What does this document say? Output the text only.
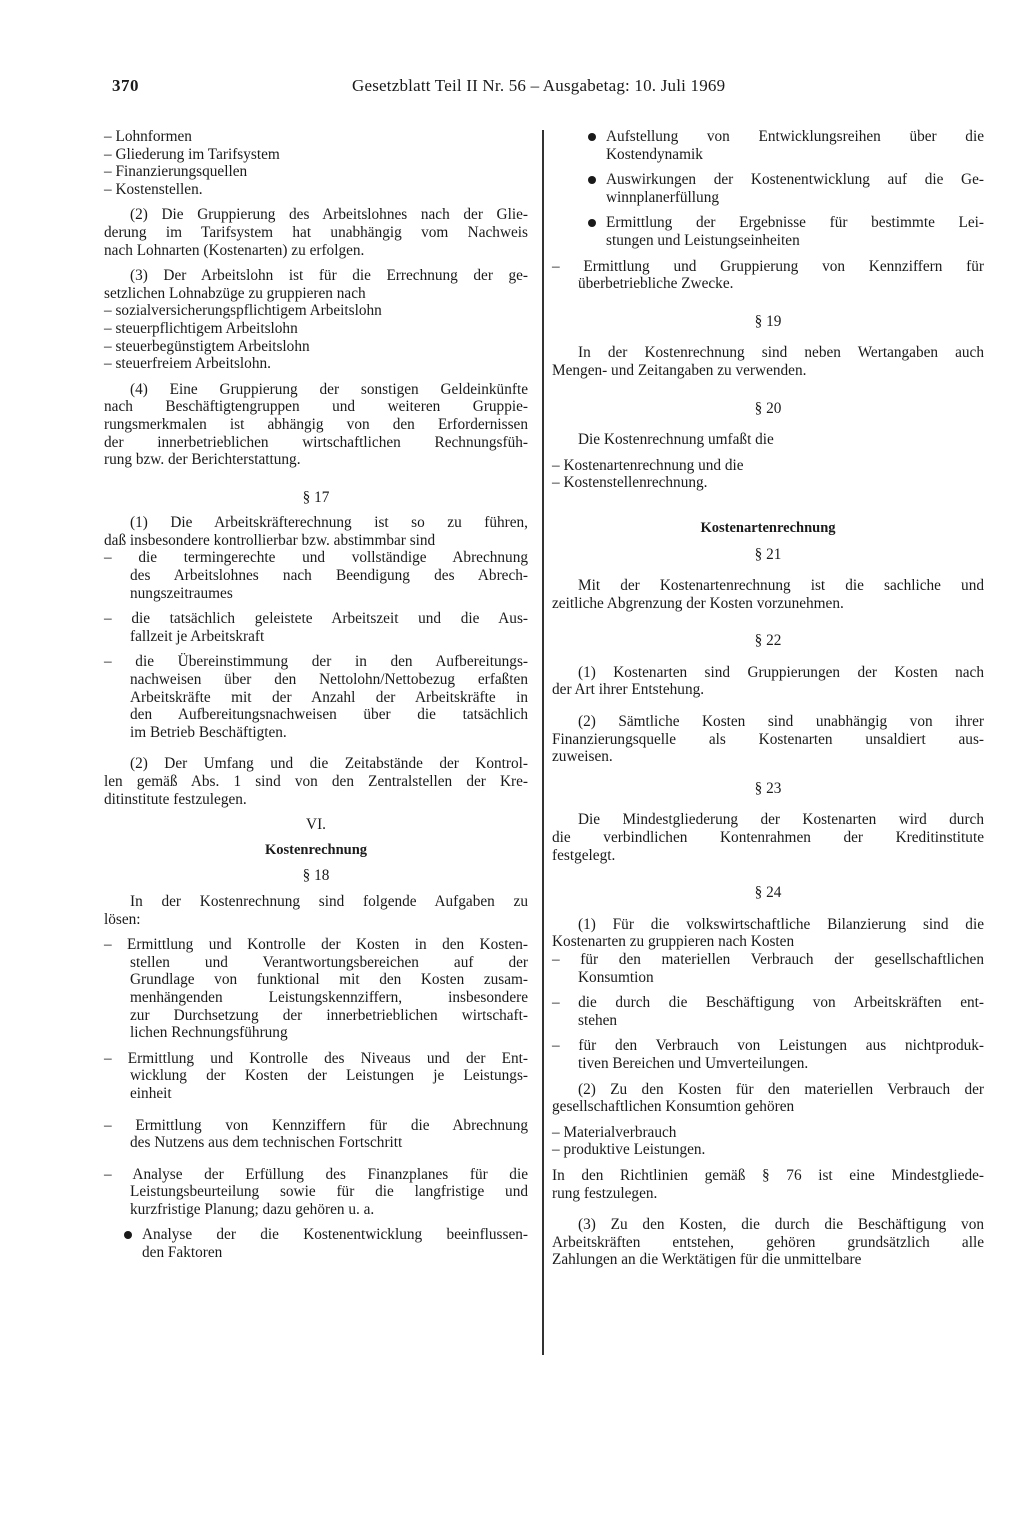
370	Gesetzblatt Teil II Nr. 56 – Ausgabetag: 10. Juli 1969
– Lohnformen
– Gliederung im Tarifsystem
– Finanzierungsquellen
– Kostenstellen.
(2) Die Gruppierung des Arbeitslohnes nach der Glie-
derung im Tarifsystem hat unabhängig vom Nachweis
nach Lohnarten (Kostenarten) zu erfolgen.
(3) Der Arbeitslohn ist für die Errechnung der ge-
setzlichen Lohnabzüge zu gruppieren nach
– sozialversicherungspflichtigem Arbeitslohn
– steuerpflichtigem Arbeitslohn
– steuerbegünstigtem Arbeitslohn
– steuerfreiem Arbeitslohn.
(4) Eine Gruppierung der sonstigen Geldeinkünfte
nach Beschäftigtengruppen und weiteren Gruppie-
rungsmerkmalen ist abhängig von den Erfordernissen
der innerbetrieblichen wirtschaftlichen Rechnungsfüh-
rung bzw. der Berichterstattung.
§ 17
(1) Die Arbeitskräfterechnung ist so zu führen,
daß insbesondere kontrollierbar bzw. abstimmbar sind
– die termingerechte und vollständige Abrechnung
des Arbeitslohnes nach Beendigung des Abrech-
nungszeitraumes
– die tatsächlich geleistete Arbeitszeit und die Aus-
fallzeit je Arbeitskraft
– die Übereinstimmung der in den Aufbereitungs-
nachweisen über den Nettolohn/Nettobezug erfaßten
Arbeitskräfte mit der Anzahl der Arbeitskräfte in
den Aufbereitungsnachweisen über die tatsächlich
im Betrieb Beschäftigten.
(2) Der Umfang und die Zeitabstände der Kontrol-
len gemäß Abs. 1 sind von den Zentralstellen der Kre-
ditinstitute festzulegen.
VI.
Kostenrechnung
§ 18
In der Kostenrechnung sind folgende Aufgaben zu
lösen:
– Ermittlung und Kontrolle der Kosten in den Kosten-
stellen und Verantwortungsbereichen auf der
Grundlage von funktional mit den Kosten zusam-
menhängenden Leistungskennziffern, insbesondere
zur Durchsetzung der innerbetrieblichen wirtschaft-
lichen Rechnungsführung
– Ermittlung und Kontrolle des Niveaus und der Ent-
wicklung der Kosten der Leistungen je Leistungs-
einheit
– Ermittlung von Kennziffern für die Abrechnung
des Nutzens aus dem technischen Fortschritt
– Analyse der Erfüllung des Finanzplanes für die
Leistungsbeurteilung sowie für die langfristige und
kurzfristige Planung; dazu gehören u. a.
Analyse der die Kostenentwicklung beeinflussen-
den Faktoren
Aufstellung von Entwicklungsreihen über die
Kostendynamik
Auswirkungen der Kostenentwicklung auf die Ge-
winnplanerfüllung
Ermittlung der Ergebnisse für bestimmte Lei-
stungen und Leistungseinheiten
– Ermittlung und Gruppierung von Kennziffern für
überbetriebliche Zwecke.
§ 19
In der Kostenrechnung sind neben Wertangaben auch
Mengen- und Zeitangaben zu verwenden.
§ 20
Die Kostenrechnung umfaßt die
– Kostenartenrechnung und die
– Kostenstellenrechnung.
Kostenartenrechnung
§ 21
Mit der Kostenartenrechnung ist die sachliche und
zeitliche Abgrenzung der Kosten vorzunehmen.
§ 22
(1) Kostenarten sind Gruppierungen der Kosten nach
der Art ihrer Entstehung.
(2) Sämtliche Kosten sind unabhängig von ihrer
Finanzierungsquelle als Kostenarten unsaldiert aus-
zuweisen.
§ 23
Die Mindestgliederung der Kostenarten wird durch
die verbindlichen Kontenrahmen der Kreditinstitute
festgelegt.
§ 24
(1) Für die volkswirtschaftliche Bilanzierung sind die
Kostenarten zu gruppieren nach Kosten
– für den materiellen Verbrauch der gesellschaftlichen
Konsumtion
– die durch die Beschäftigung von Arbeitskräften ent-
stehen
– für den Verbrauch von Leistungen aus nichtproduk-
tiven Bereichen und Umverteilungen.
(2) Zu den Kosten für den materiellen Verbrauch der
gesellschaftlichen Konsumtion gehören
– Materialverbrauch
– produktive Leistungen.
In den Richtlinien gemäß § 76 ist eine Mindestgliede-
rung festzulegen.
(3) Zu den Kosten, die durch die Beschäftigung von
Arbeitskräften entstehen, gehören grundsätzlich alle
Zahlungen an die Werktätigen für die unmittelbare
